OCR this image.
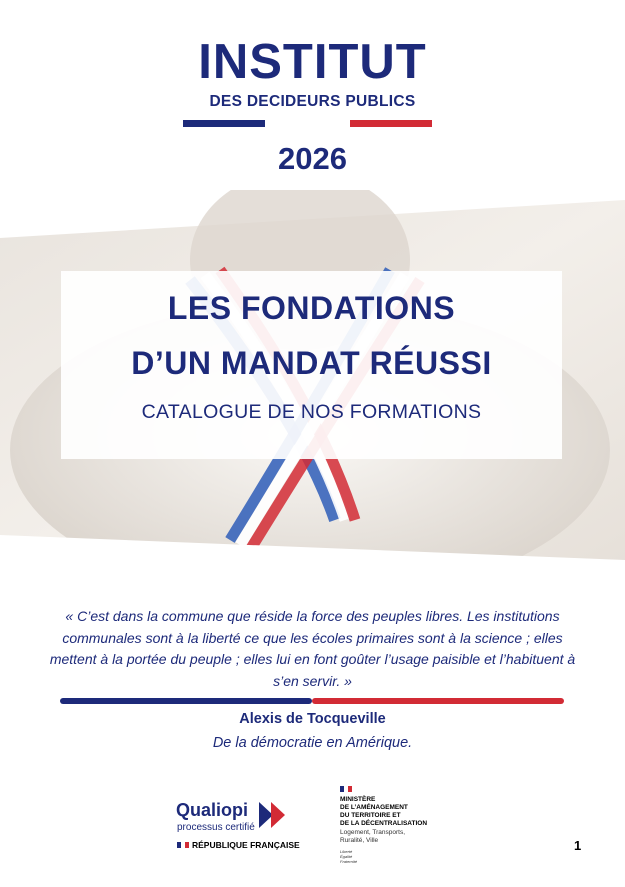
INSTITUT
DES DECIDEURS PUBLICS
2026
LES FONDATIONS
D’UN MANDAT RÉUSSI
CATALOGUE DE NOS FORMATIONS
« C’est dans la commune que réside la force des peuples libres. Les institutions communales sont à la liberté ce que les écoles primaires sont à la science ; elles mettent à la portée du peuple ; elles lui en font goûter l’usage paisible et l’habituent à s’en servir. »
Alexis de Tocqueville
De la démocratie en Amérique.
Qualiopi
processus certifié
RÉPUBLIQUE FRANÇAISE
MINISTÈRE
DE L’AMÉNAGEMENT
DU TERRITOIRE ET
DE LA DÉCENTRALISATION
Logement, Transports,
Ruralité, Ville
Liberté Égalité Fraternité
1
